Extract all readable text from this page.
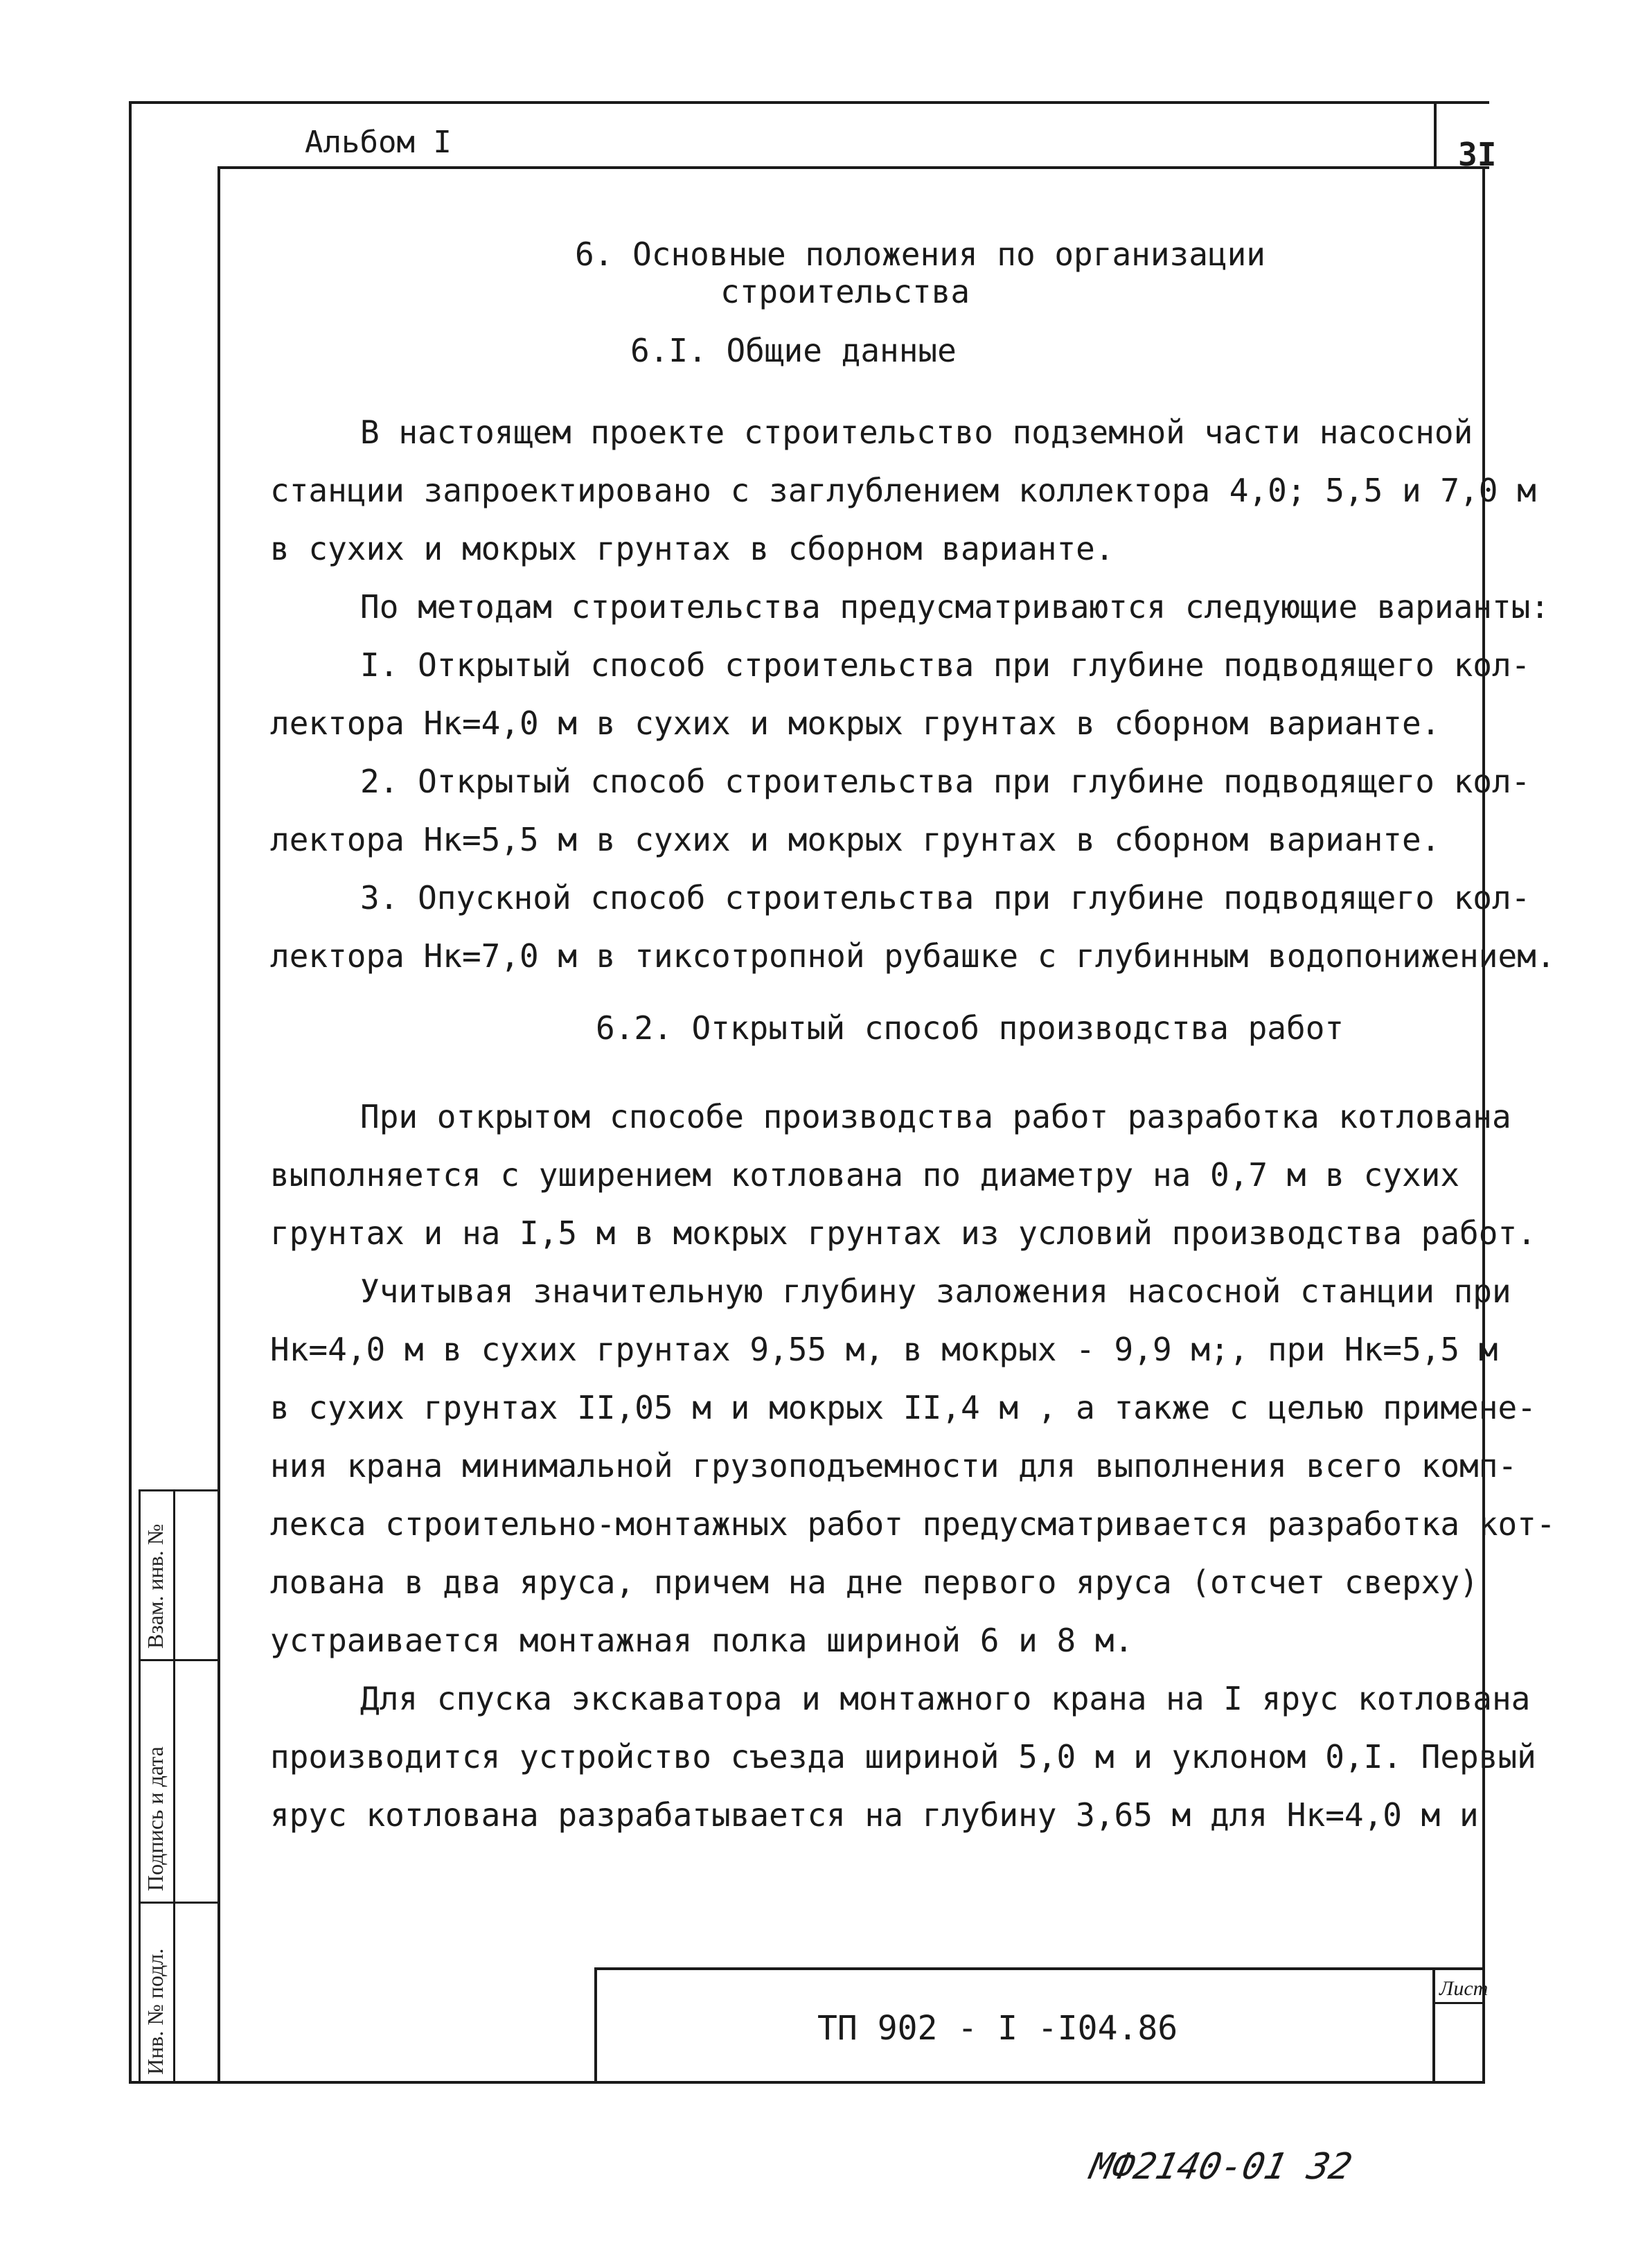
Альбом I	3I

6. Основные положения по организации

строительства

6.I. Общие данные

В настоящем проекте строительство подземной части насосной

станции запроектировано с заглублением коллектора 4,0; 5,5 и 7,0 м

в сухих и мокрых грунтах в сборном варианте.

По методам строительства предусматриваются следующие варианты:

I. Открытый способ строительства при глубине подводящего кол-

лектора Нк=4,0 м в сухих и мокрых грунтах в сборном варианте.

2. Открытый способ строительства при глубине подводящего кол-

лектора Нк=5,5 м в сухих и мокрых грунтах в сборном варианте.

3. Опускной способ строительства при глубине подводящего кол-

лектора Нк=7,0 м в тиксотропной рубашке с глубинным водопонижением.

6.2. Открытый способ производства работ

При открытом способе производства работ разработка котлована

выполняется с уширением котлована по диаметру на 0,7 м в сухих

грунтах и на I,5 м в мокрых грунтах из условий производства работ.

Учитывая значительную глубину заложения насосной станции при

Нк=4,0 м в сухих грунтах 9,55 м, в мокрых - 9,9 м;, при Нк=5,5 м

в сухих грунтах II,05 м и мокрых II,4 м , а также с целью примене-

ния крана минимальной грузоподъемности для выполнения всего комп-

лекса строительно-монтажных работ предусматривается разработка кот-

лована в два яруса, причем на дне первого яруса (отсчет сверху)

устраивается монтажная полка шириной 6 и 8 м.

Для спуска экскаватора и монтажного крана на I ярус котлована

производится устройство съезда шириной 5,0 м и уклоном 0,I. Первый

ярус котлована разрабатывается на глубину 3,65 м для Нк=4,0 м и

Взам. инв. №
Подпись и дата
Инв. № подл.	ТП 902 - I -I04.86
Лист
МФ2140-01 32
